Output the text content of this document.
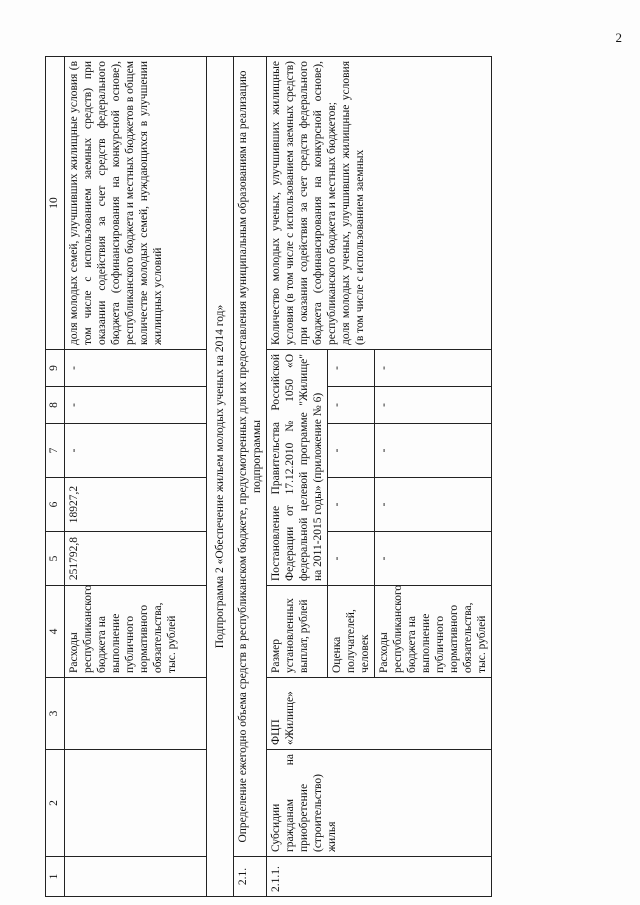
2
1	2	3	4	5	6	7	8	9	10
			Расходы республиканского бюджета на выполнение публичного нормативного обязательства, тыс. рублей	251792,8	18927,2	-	-	-	доля молодых семей, улучшивших жилищные условия (в том числе с использованием заемных средств) при оказании содействия за счет средств федерального бюджета (софинансирования на конкурсной основе), республиканского бюджета и местных бюджетов в общем количестве молодых семей, нуждающихся в улучшении жилищных условий
Подпрограмма 2 «Обеспечение жильем молодых ученых на 2014 год»									
2.1.	Определение ежегодно объема средств в республиканском бюджете, предусмотренных для их предоставления муниципальным образованиям на реализацию подпрограммы								
2.1.1.	Субсидии гражданам на приобретение (строительство) жилья	ФЦП «Жилище»	Размер установленных выплат, рублей	Постановление Правительства Российской Федерации от 17.12.2010 № 1050 «О федеральной целевой программе "Жилище" на 2011-2015 годы» (приложение № 6)					Количество молодых ученых, улучшивших жилищные условия (в том числе с использованием заемных средств) при оказании содействия за счет средств федерального бюджета (софинансирования на конкурсной основе), республиканского бюджета и местных бюджетов;
доля молодых ученых, улучшивших жилищные условия (в том числе с использованием заемных
			Оценка получателей, человек	-	-	-	-	-	
			Расходы республиканского бюджета на выполнение публичного нормативного обязательства, тыс. рублей	-	-	-	-	-	
